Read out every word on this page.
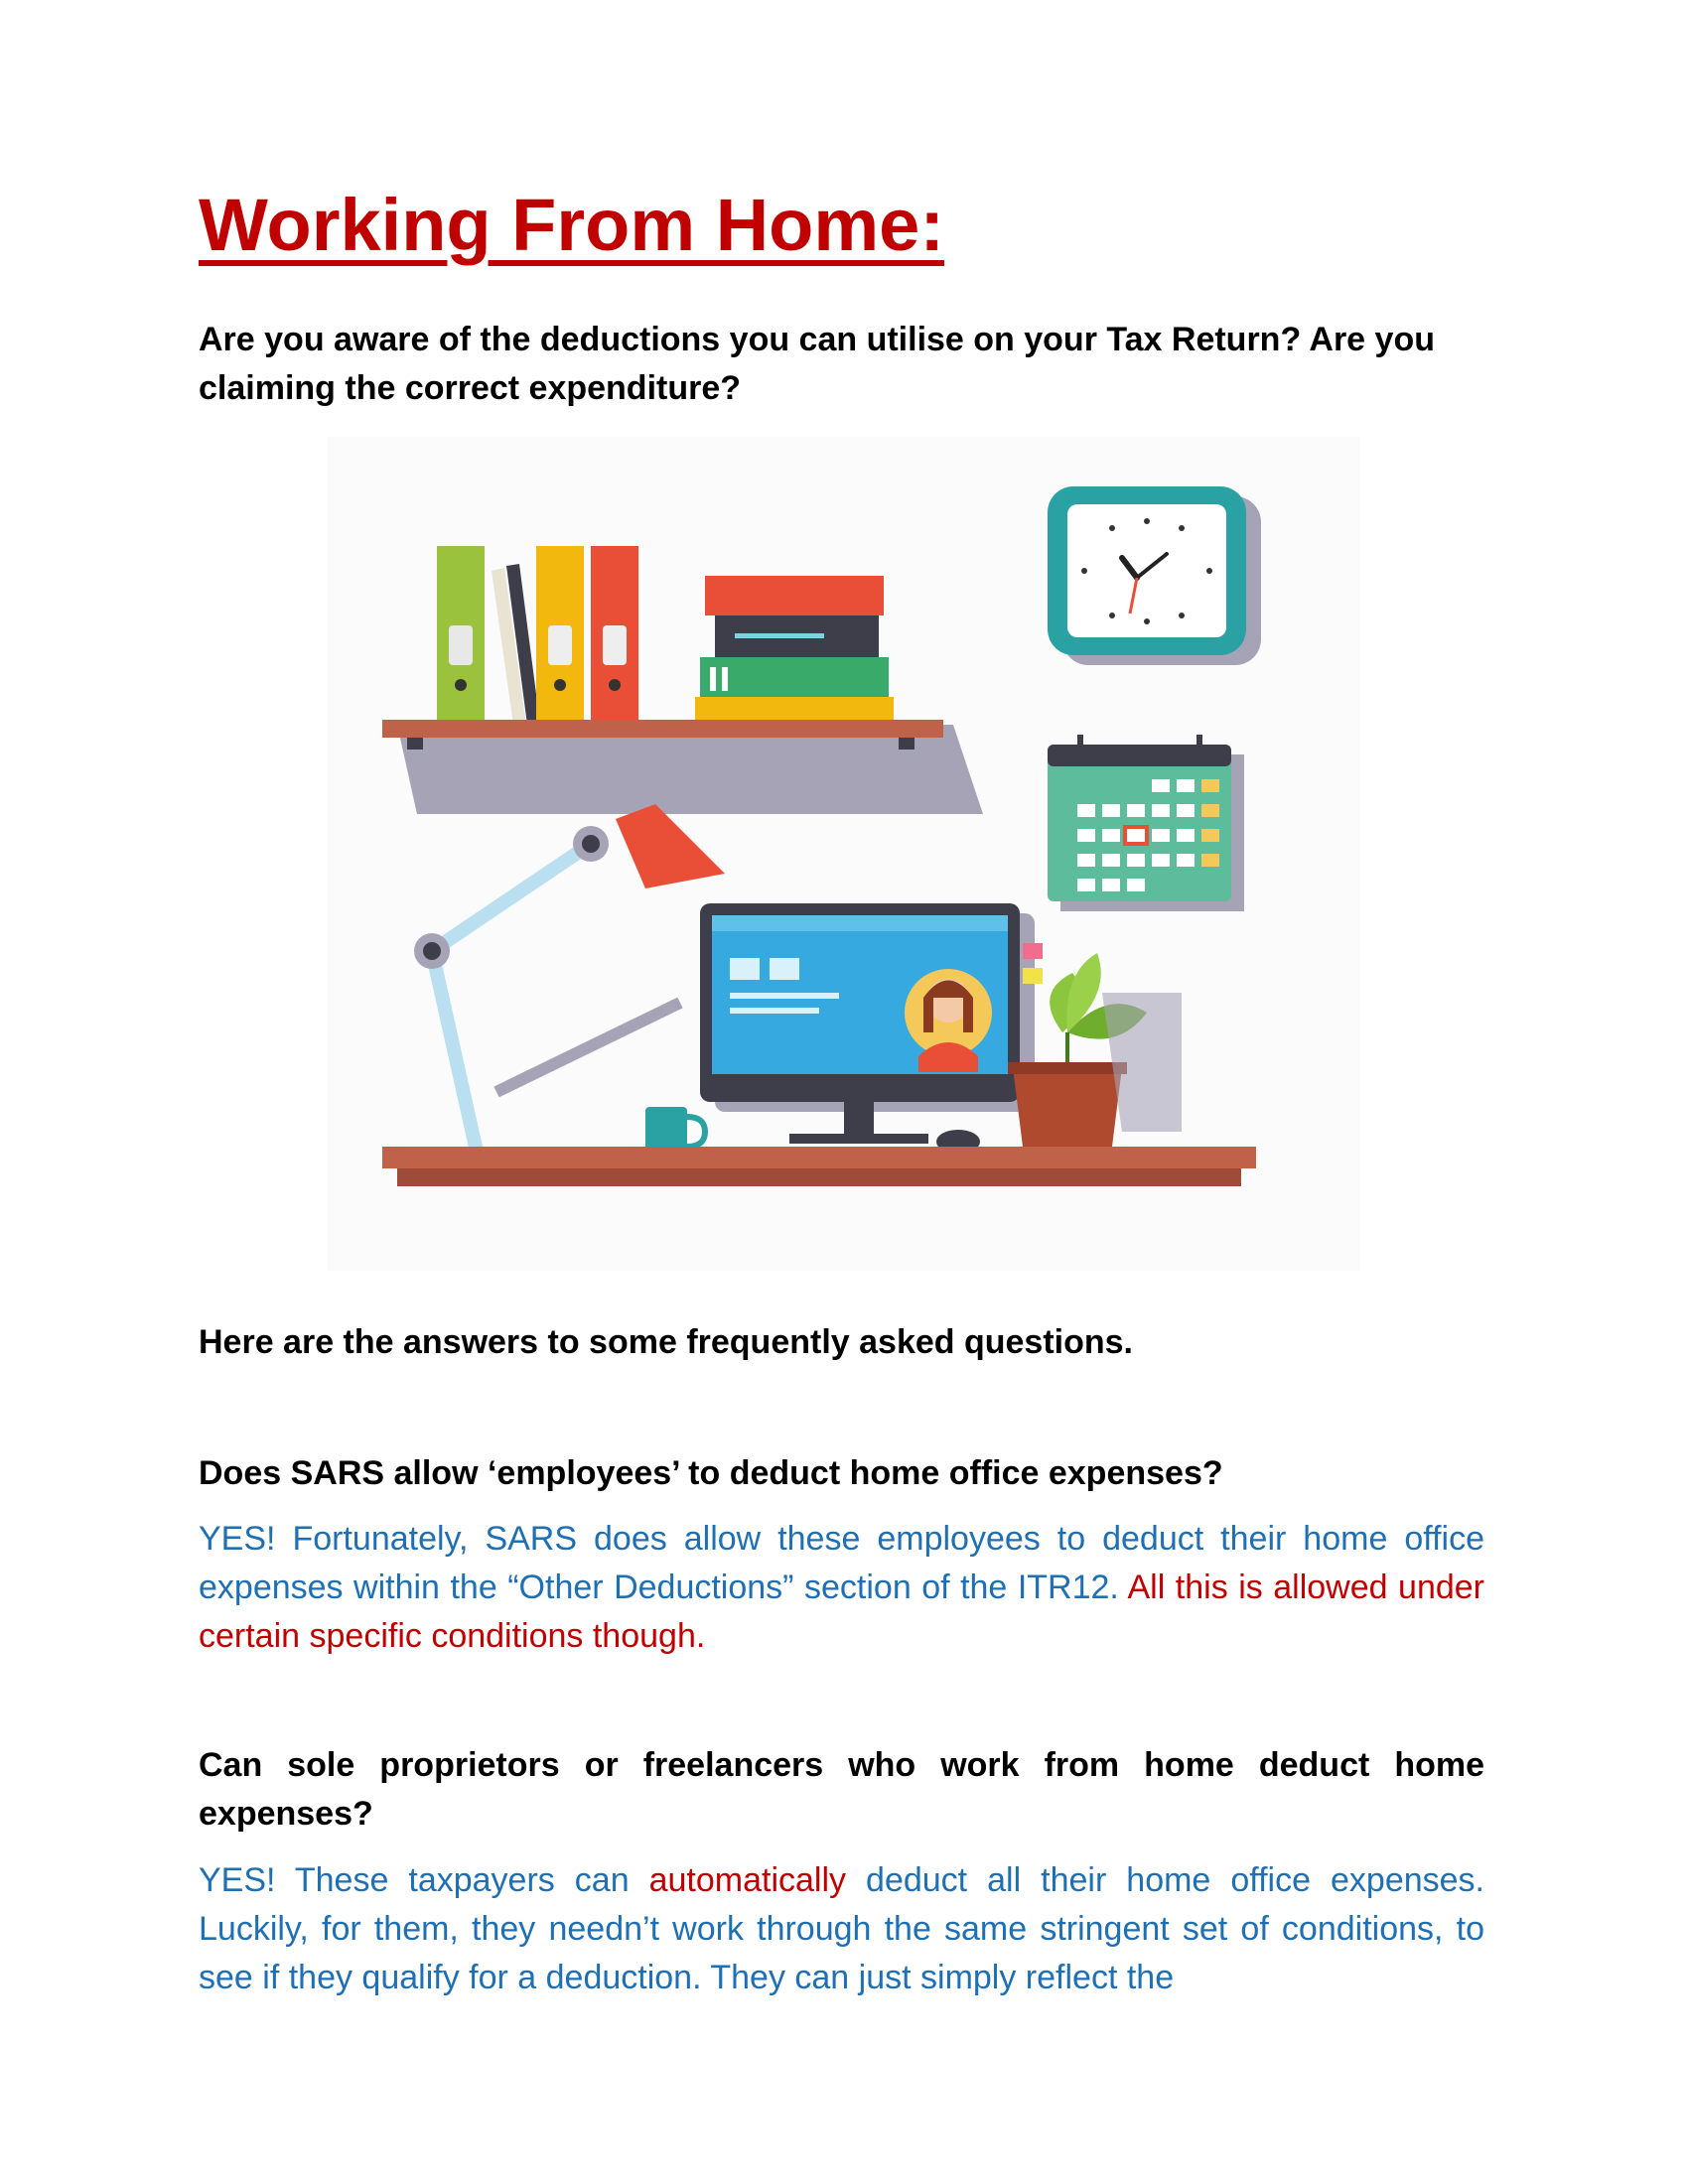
Working From Home:

Are you aware of the deductions you can utilise on your Tax Return? Are you claiming the correct expenditure?

Here are the answers to some frequently asked questions.

Does SARS allow ‘employees’ to deduct home office expenses?

YES! Fortunately, SARS does allow these employees to deduct their home office expenses within the “Other Deductions” section of the ITR12. All this is allowed under certain specific conditions though.

Can sole proprietors or freelancers who work from home deduct home expenses?

YES! These taxpayers can automatically deduct all their home office expenses. Luckily, for them, they needn’t work through the same stringent set of conditions, to see if they qualify for a deduction. They can just simply reflect the
